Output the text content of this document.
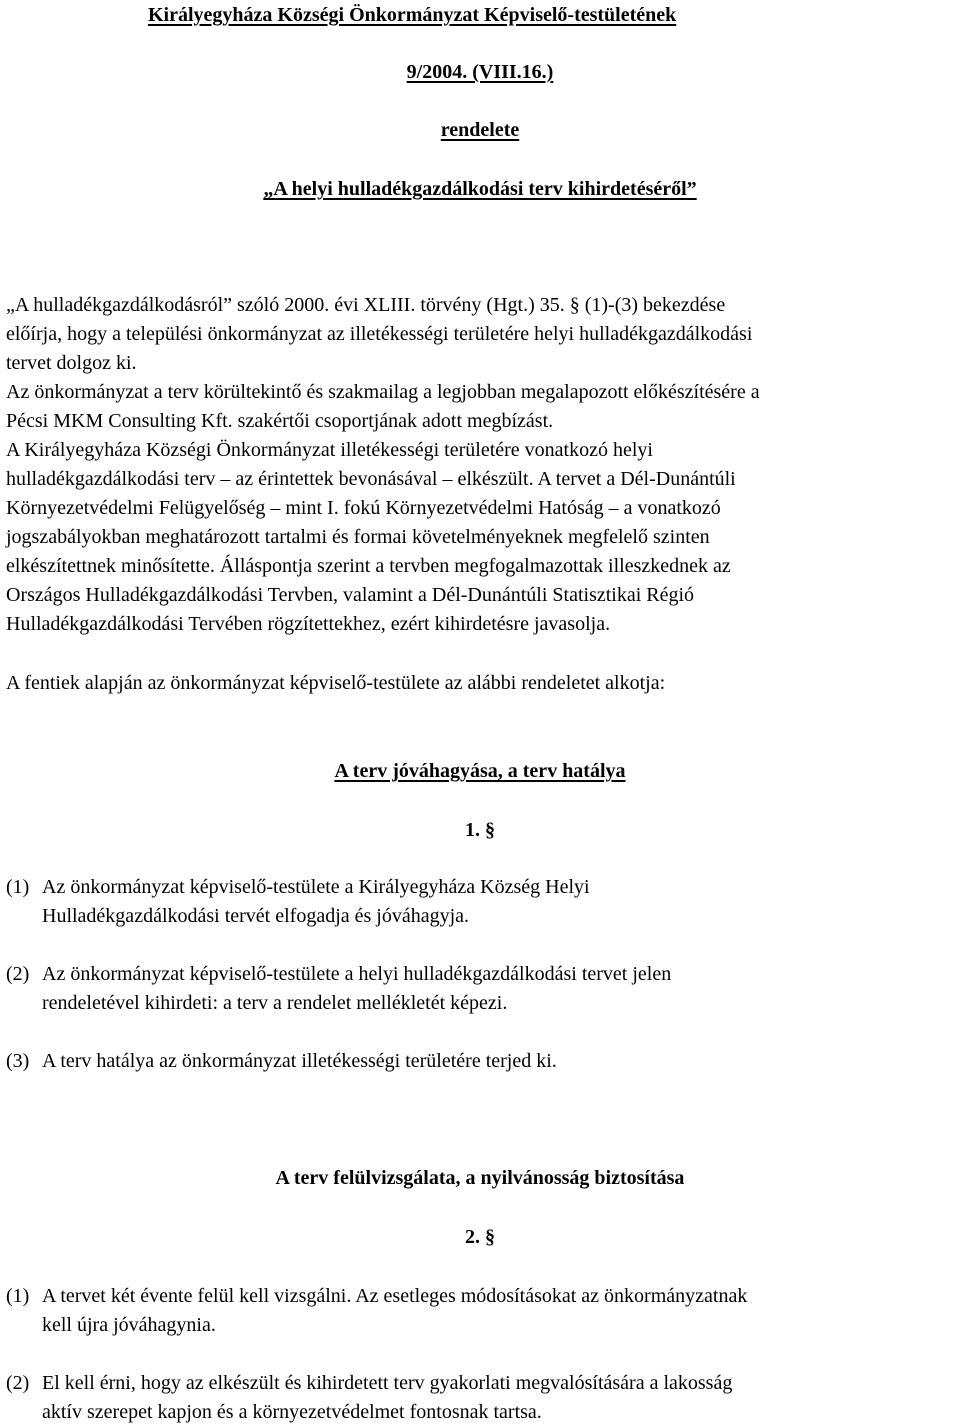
Királyegyháza Községi Önkormányzat Képviselő-testületének
9/2004. (VIII.16.)
rendelete
„A helyi hulladékgazdálkodási terv kihirdetéséről”
„A hulladékgazdálkodásról” szóló 2000. évi XLIII. törvény (Hgt.) 35. § (1)-(3) bekezdése
előírja, hogy a települési önkormányzat az illetékességi területére helyi hulladékgazdálkodási
tervet dolgoz ki.
Az önkormányzat a terv körültekintő és szakmailag a legjobban megalapozott előkészítésére a
Pécsi MKM Consulting Kft. szakértői csoportjának adott megbízást.
A Királyegyháza Községi Önkormányzat illetékességi területére vonatkozó helyi
hulladékgazdálkodási terv – az érintettek bevonásával – elkészült. A tervet a Dél-Dunántúli
Környezetvédelmi Felügyelőség – mint I. fokú Környezetvédelmi Hatóság – a vonatkozó
jogszabályokban meghatározott tartalmi és formai követelményeknek megfelelő szinten
elkészítettnek minősítette. Álláspontja szerint a tervben megfogalmazottak illeszkednek az
Országos Hulladékgazdálkodási Tervben, valamint a Dél-Dunántúli Statisztikai Régió
Hulladékgazdálkodási Tervében rögzítettekhez, ezért kihirdetésre javasolja.
A fentiek alapján az önkormányzat képviselő-testülete az alábbi rendeletet alkotja:
A terv jóváhagyása, a terv hatálya
1. §
(1) Az önkormányzat képviselő-testülete a Királyegyháza Község Helyi
Hulladékgazdálkodási tervét elfogadja és jóváhagyja.
(2) Az önkormányzat képviselő-testülete a helyi hulladékgazdálkodási tervet jelen
rendeletével kihirdeti: a terv a rendelet mellékletét képezi.
(3) A terv hatálya az önkormányzat illetékességi területére terjed ki.
A terv felülvizsgálata, a nyilvánosság biztosítása
2. §
(1) A tervet két évente felül kell vizsgálni. Az esetleges módosításokat az önkormányzatnak
kell újra jóváhagynia.
(2) El kell érni, hogy az elkészült és kihirdetett terv gyakorlati megvalósítására a lakosság
aktív szerepet kapjon és a környezetvédelmet fontosnak tartsa.
